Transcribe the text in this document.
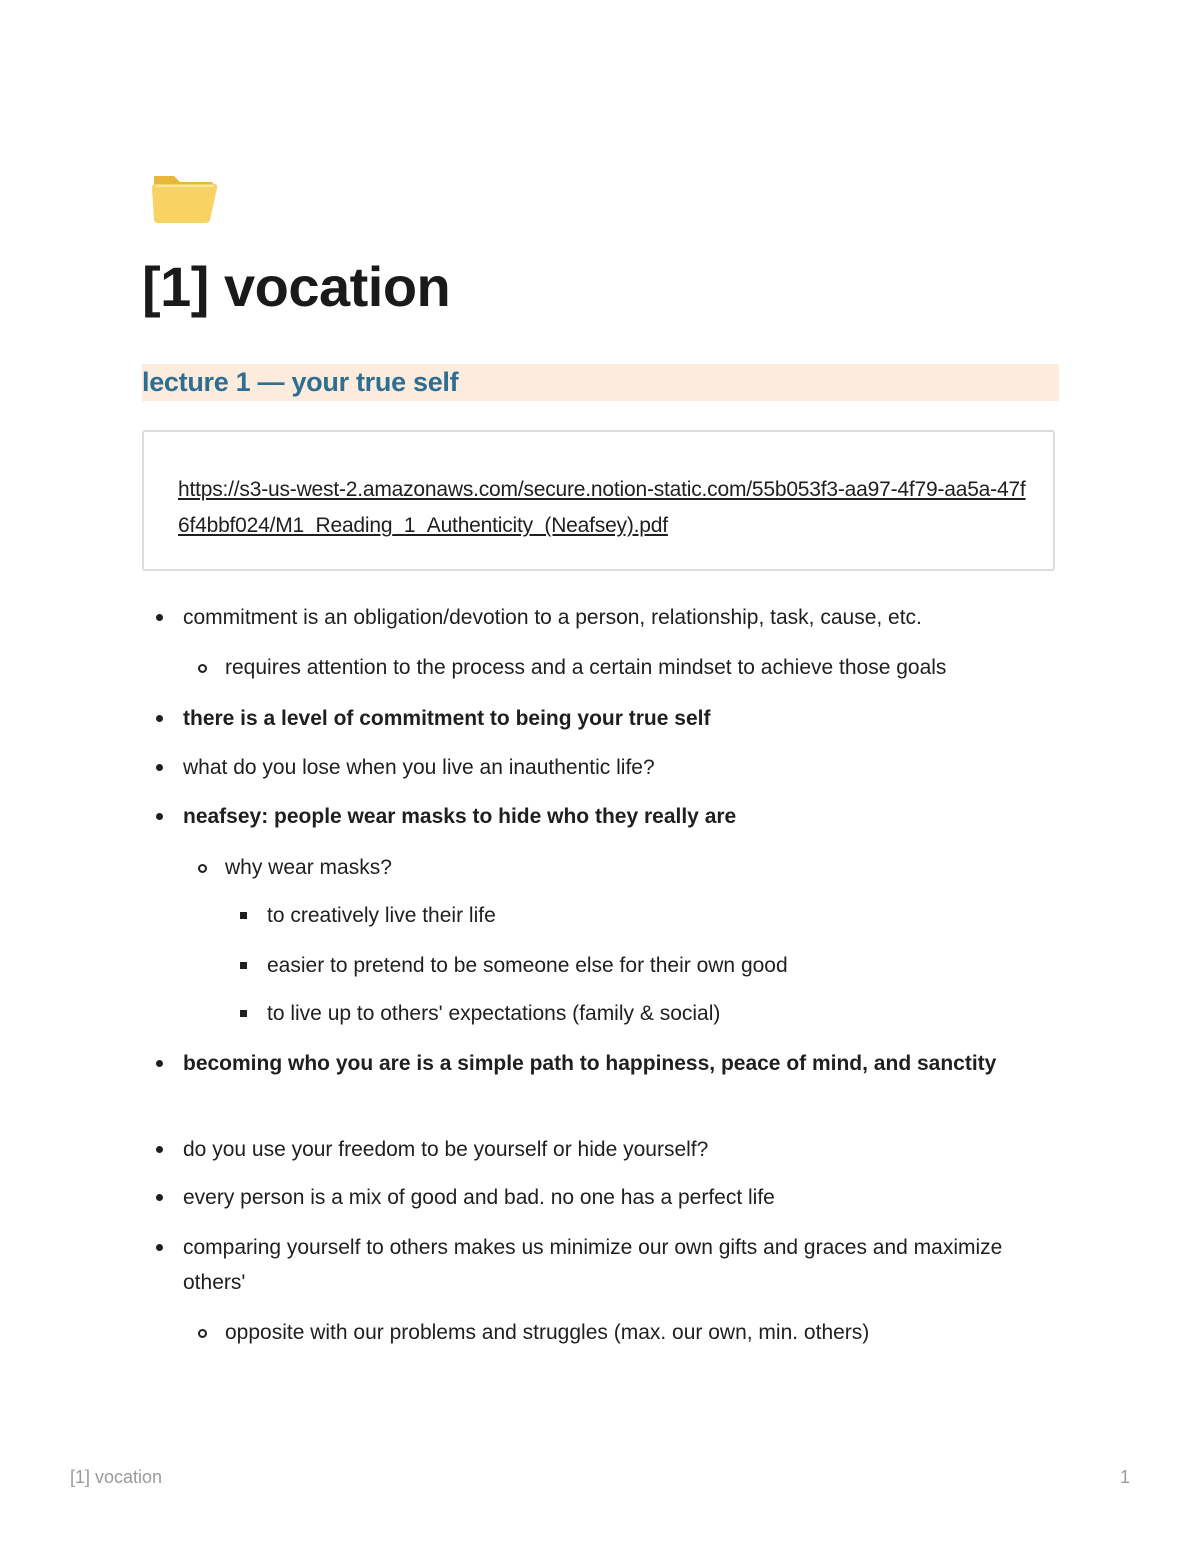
[1] vocation
lecture 1 — your true self
https://s3-us-west-2.amazonaws.com/secure.notion-static.com/55b053f3-aa97-4f79-aa5a-47f6f4bbf024/M1_Reading_1_Authenticity_(Neafsey).pdf
commitment is an obligation/devotion to a person, relationship, task, cause, etc.
requires attention to the process and a certain mindset to achieve those goals
there is a level of commitment to being your true self
what do you lose when you live an inauthentic life?
neafsey: people wear masks to hide who they really are
why wear masks?
to creatively live their life
easier to pretend to be someone else for their own good
to live up to others' expectations (family & social)
becoming who you are is a simple path to happiness, peace of mind, and sanctity
do you use your freedom to be yourself or hide yourself?
every person is a mix of good and bad. no one has a perfect life
comparing yourself to others makes us minimize our own gifts and graces and maximize others'
opposite with our problems and struggles (max. our own, min. others)
[1] vocation	1
